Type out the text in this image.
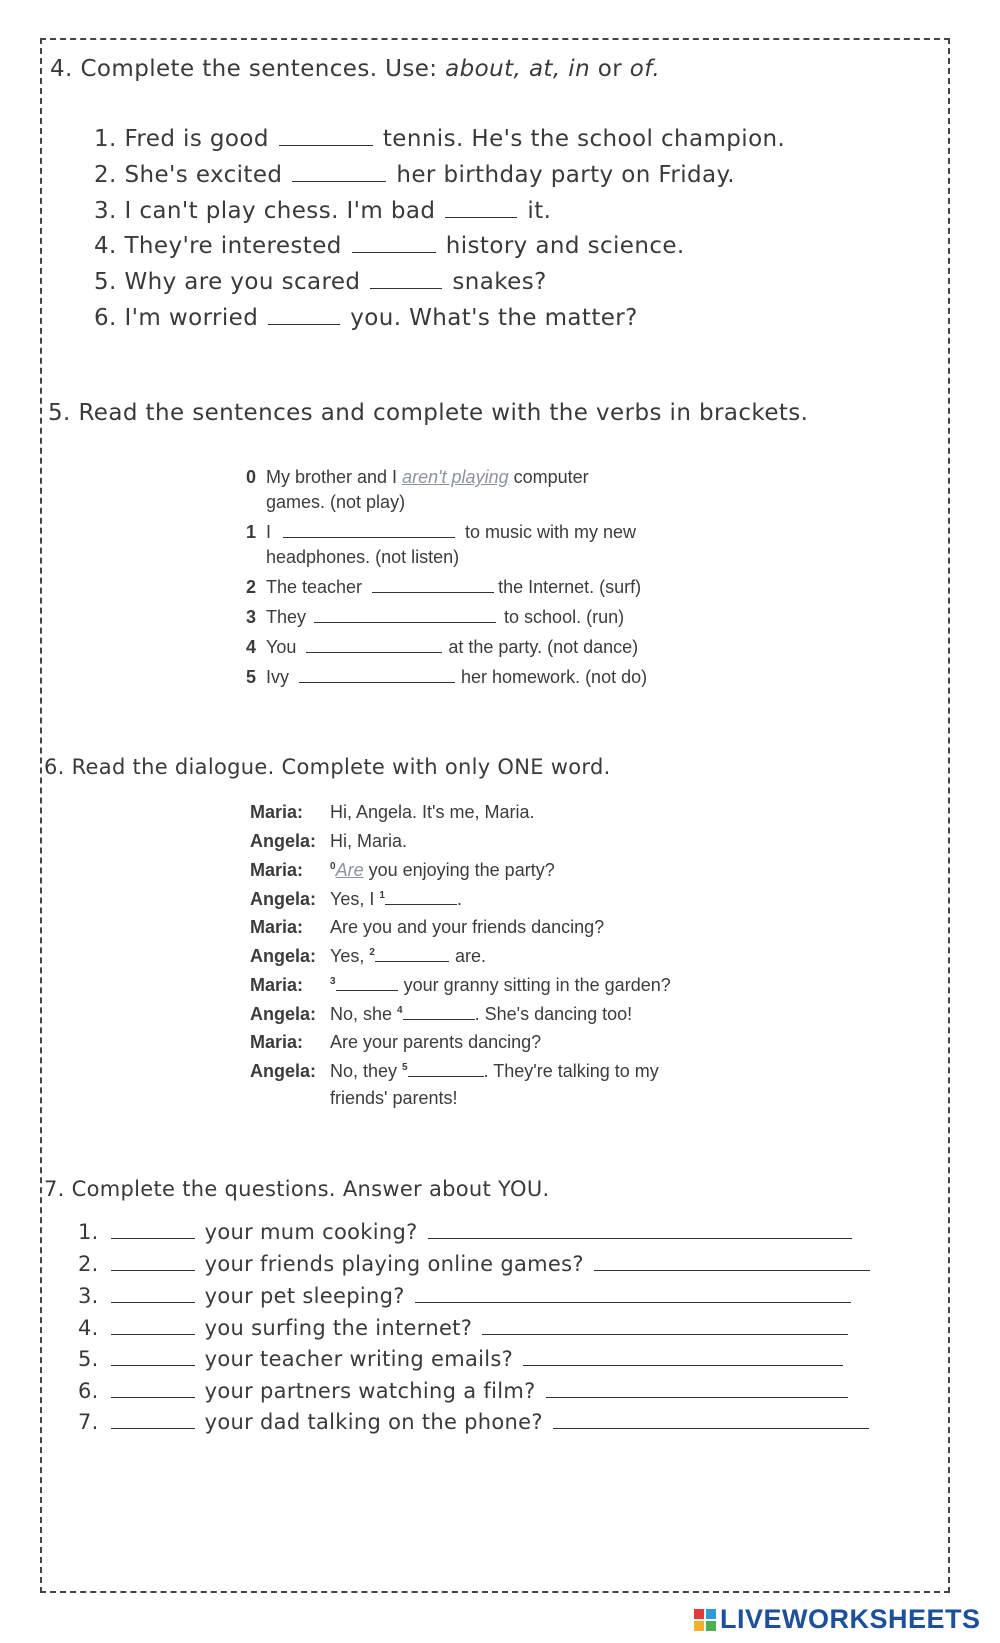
4. Complete the sentences. Use: about, at, in or of.
1. Fred is good	tennis. He's the school champion.
2. She's excited	her birthday party on Friday.
3. I can't play chess. I'm bad	it.
4. They're interested	history and science.
5. Why are you scared	snakes?
6. I'm worried	you. What's the matter?
5. Read the sentences and complete with the verbs in brackets.
0 My brother and I aren't playing computer
games. (not play)
1 I	to music with my new
headphones. (not listen)
2 The teacher	the Internet. (surf)
3 They	to school. (run)
4 You	at the party. (not dance)
5 Ivy	her homework. (not do)
6. Read the dialogue. Complete with only ONE word.
Maria: Hi, Angela. It's me, Maria.
Angela: Hi, Maria.
Maria:	$^0$Are you enjoying the party?
Angela: Yes, I $^1$	.
Maria: Are you and your friends dancing?
Angela: Yes, $^2$	are.
Maria:	$^3$	your granny sitting in the garden?
Angela: No, she $^4$	. She's dancing too!
Maria: Are your parents dancing?
Angela: No, they $^5$	. They're talking to my
friends' parents!
7. Complete the questions. Answer about YOU.
1.	your mum cooking?
2.	your friends playing online games?
3.	your pet sleeping?
4.	you surfing the internet?
5.	your teacher writing emails?
6.	your partners watching a film?
7.	your dad talking on the phone?
LIVEWORKSHEETS
